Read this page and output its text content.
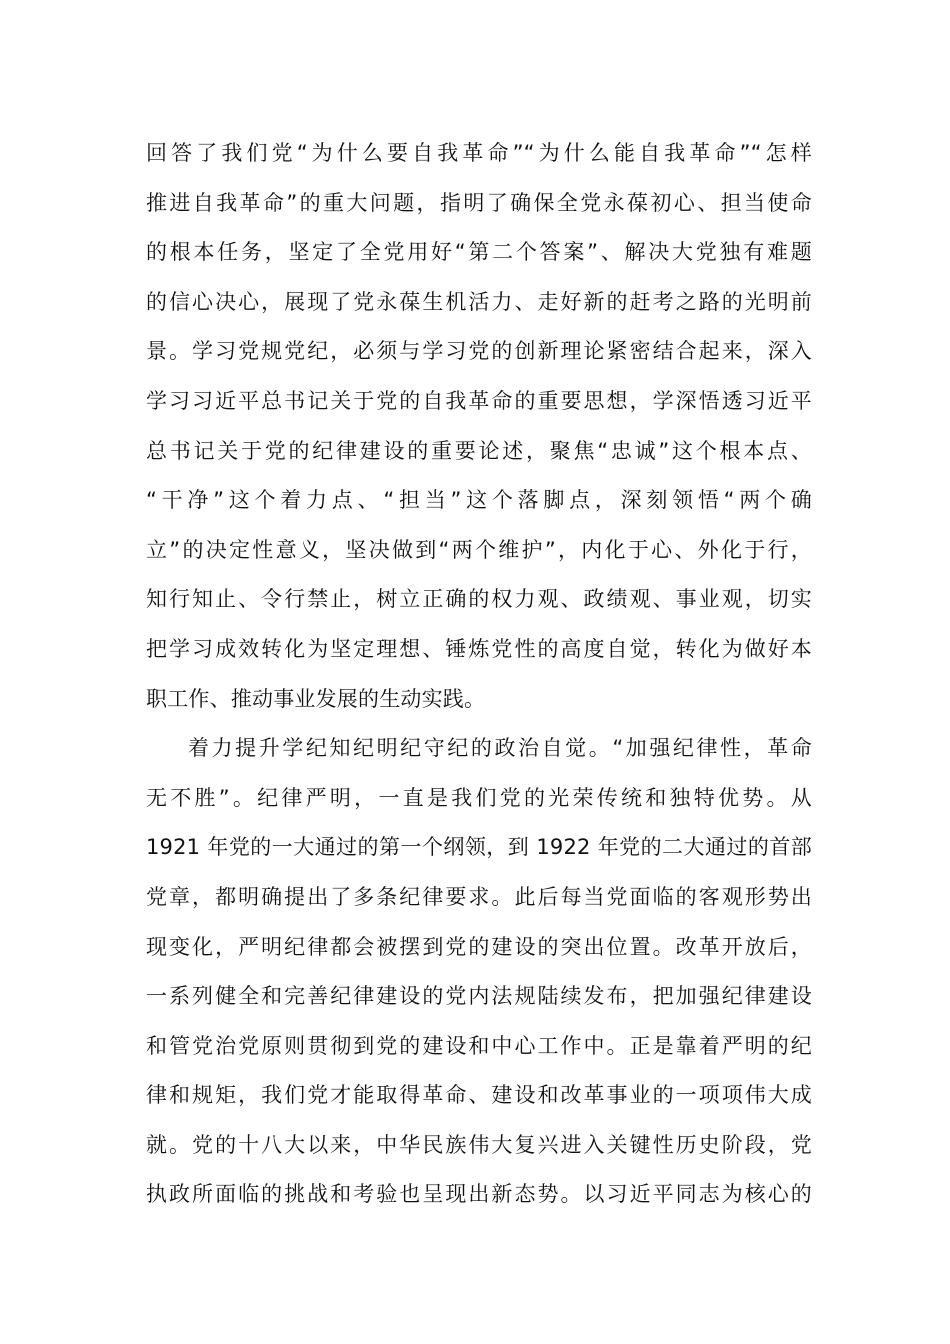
回答了我们党“为什么要自我革命”“为什么能自我革命”“怎样
推进自我革命”的重大问题，指明了确保全党永葆初心、担当使命
的根本任务，坚定了全党用好“第二个答案”、解决大党独有难题
的信心决心，展现了党永葆生机活力、走好新的赶考之路的光明前
景。学习党规党纪，必须与学习党的创新理论紧密结合起来，深入
学习习近平总书记关于党的自我革命的重要思想，学深悟透习近平
总书记关于党的纪律建设的重要论述，聚焦“忠诚”这个根本点、
“干净”这个着力点、“担当”这个落脚点，深刻领悟“两个确
立”的决定性意义，坚决做到“两个维护”，内化于心、外化于行，
知行知止、令行禁止，树立正确的权力观、政绩观、事业观，切实
把学习成效转化为坚定理想、锤炼党性的高度自觉，转化为做好本
职工作、推动事业发展的生动实践。
着力提升学纪知纪明纪守纪的政治自觉。“加强纪律性，革命
无不胜”。纪律严明，一直是我们党的光荣传统和独特优势。从
1921 年党的一大通过的第一个纲领，到 1922 年党的二大通过的首部
党章，都明确提出了多条纪律要求。此后每当党面临的客观形势出
现变化，严明纪律都会被摆到党的建设的突出位置。改革开放后，
一系列健全和完善纪律建设的党内法规陆续发布，把加强纪律建设
和管党治党原则贯彻到党的建设和中心工作中。正是靠着严明的纪
律和规矩，我们党才能取得革命、建设和改革事业的一项项伟大成
就。党的十八大以来，中华民族伟大复兴进入关键性历史阶段，党
执政所面临的挑战和考验也呈现出新态势。以习近平同志为核心的
